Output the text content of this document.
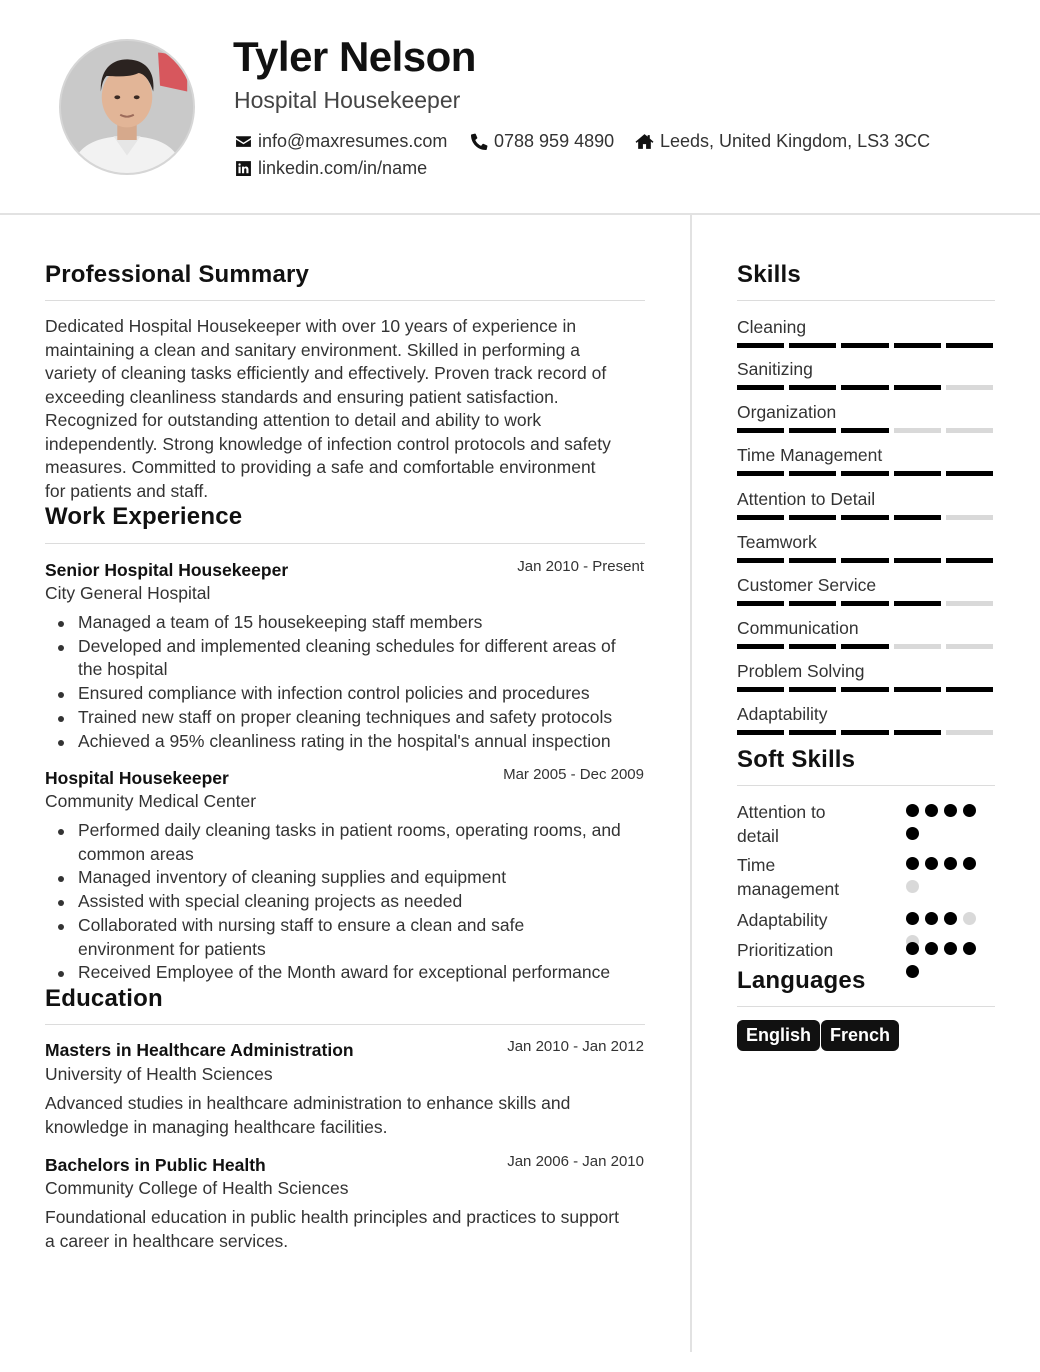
Tyler Nelson
Hospital Housekeeper
info@maxresumes.com	0788 959 4890	Leeds, United Kingdom, LS3 3CC
linkedin.com/in/name
Professional Summary
Dedicated Hospital Housekeeper with over 10 years of experience in
maintaining a clean and sanitary environment. Skilled in performing a
variety of cleaning tasks efficiently and effectively. Proven track record of
exceeding cleanliness standards and ensuring patient satisfaction.
Recognized for outstanding attention to detail and ability to work
independently. Strong knowledge of infection control protocols and safety
measures. Committed to providing a safe and comfortable environment
for patients and staff.
Work Experience
Senior Hospital Housekeeper	Jan 2010 - Present
City General Hospital
Managed a team of 15 housekeeping staff members
Developed and implemented cleaning schedules for different areas of
the hospital
Ensured compliance with infection control policies and procedures
Trained new staff on proper cleaning techniques and safety protocols
Achieved a 95% cleanliness rating in the hospital's annual inspection
Hospital Housekeeper	Mar 2005 - Dec 2009
Community Medical Center
Performed daily cleaning tasks in patient rooms, operating rooms, and
common areas
Managed inventory of cleaning supplies and equipment
Assisted with special cleaning projects as needed
Collaborated with nursing staff to ensure a clean and safe
environment for patients
Received Employee of the Month award for exceptional performance
Education
Masters in Healthcare Administration	Jan 2010 - Jan 2012
University of Health Sciences
Advanced studies in healthcare administration to enhance skills and
knowledge in managing healthcare facilities.
Bachelors in Public Health	Jan 2006 - Jan 2010
Community College of Health Sciences
Foundational education in public health principles and practices to support
a career in healthcare services.
Skills
Cleaning
Sanitizing
Organization
Time Management
Attention to Detail
Teamwork
Customer Service
Communication
Problem Solving
Adaptability
Soft Skills
Attention to
detail
Time
management
Adaptability
Prioritization
Languages
English	French
